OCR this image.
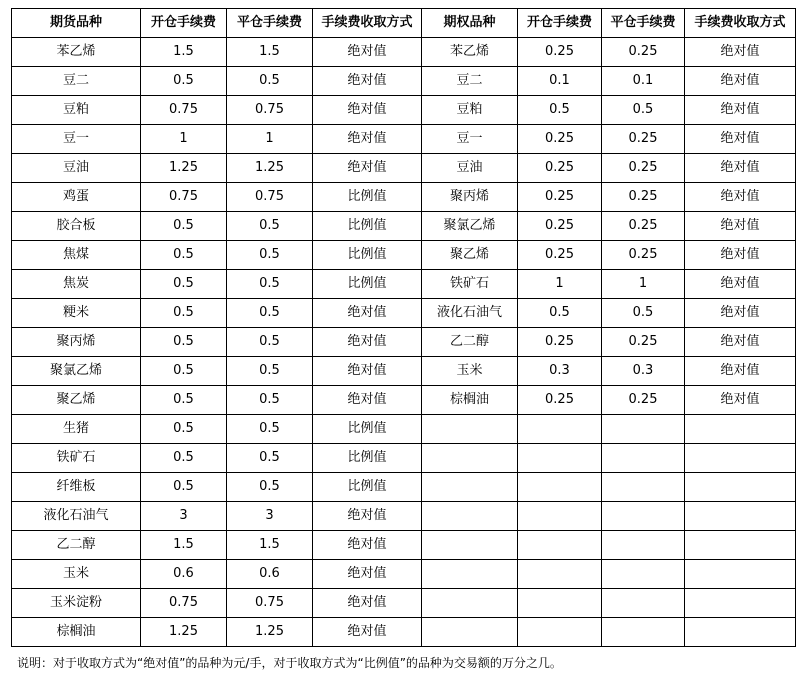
期货品种	开仓手续费	平仓手续费	手续费收取方式	期权品种	开仓手续费	平仓手续费	手续费收取方式
苯乙烯	1.5	1.5	绝对值	苯乙烯	0.25	0.25	绝对值
豆二	0.5	0.5	绝对值	豆二	0.1	0.1	绝对值
豆粕	0.75	0.75	绝对值	豆粕	0.5	0.5	绝对值
豆一	1	1	绝对值	豆一	0.25	0.25	绝对值
豆油	1.25	1.25	绝对值	豆油	0.25	0.25	绝对值
鸡蛋	0.75	0.75	比例值	聚丙烯	0.25	0.25	绝对值
胶合板	0.5	0.5	比例值	聚氯乙烯	0.25	0.25	绝对值
焦煤	0.5	0.5	比例值	聚乙烯	0.25	0.25	绝对值
焦炭	0.5	0.5	比例值	铁矿石	1	1	绝对值
粳米	0.5	0.5	绝对值	液化石油气	0.5	0.5	绝对值
聚丙烯	0.5	0.5	绝对值	乙二醇	0.25	0.25	绝对值
聚氯乙烯	0.5	0.5	绝对值	玉米	0.3	0.3	绝对值
聚乙烯	0.5	0.5	绝对值	棕榈油	0.25	0.25	绝对值
生猪	0.5	0.5	比例值				
铁矿石	0.5	0.5	比例值				
纤维板	0.5	0.5	比例值				
液化石油气	3	3	绝对值				
乙二醇	1.5	1.5	绝对值				
玉米	0.6	0.6	绝对值				
玉米淀粉	0.75	0.75	绝对值				
棕榈油	1.25	1.25	绝对值				
说明：对于收取方式为“绝对值”的品种为元/手，对于收取方式为“比例值”的品种为交易额的万分之几。
